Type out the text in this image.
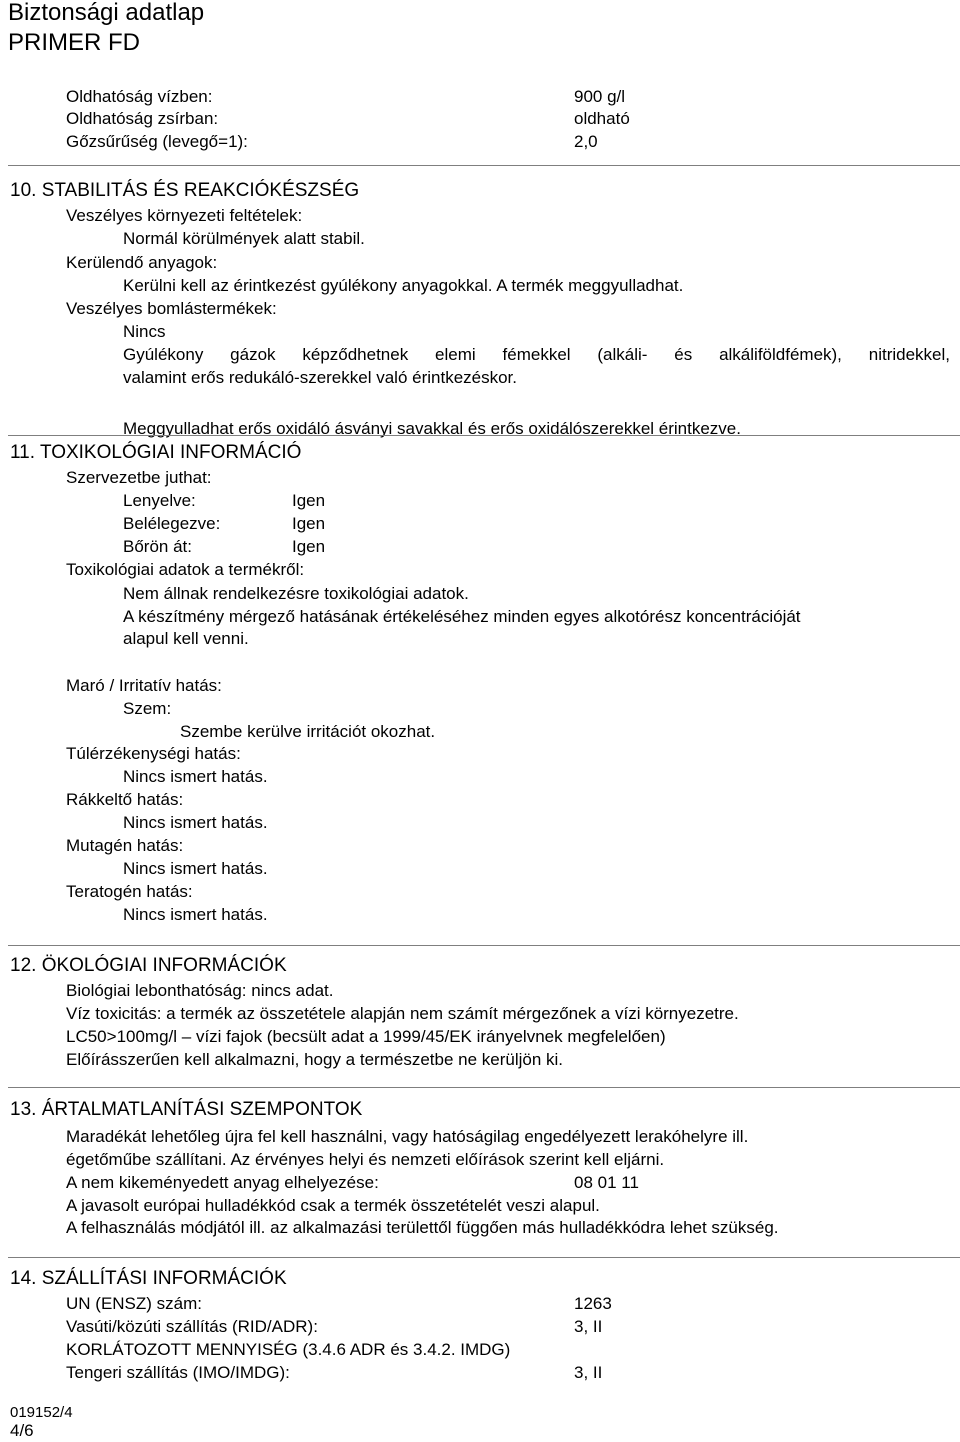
Biztonsági adatlap
PRIMER FD
Oldhatóság vízben:	900 g/l
Oldhatóság zsírban:	oldható
Gőzsűrűség (levegő=1):	2,0
10. STABILITÁS ÉS REAKCIÓKÉSZSÉG
Veszélyes környezeti feltételek:
Normál körülmények alatt stabil.
Kerülendő anyagok:
Kerülni kell az érintkezést gyúlékony anyagokkal. A termék meggyulladhat.
Veszélyes bomlástermékek:
Nincs
Gyúlékony gázok képződhetnek elemi fémekkel (alkáli- és alkáliföldfémek), nitridekkel,
valamint erős redukáló-szerekkel való érintkezéskor.
Meggyulladhat erős oxidáló ásványi savakkal és erős oxidálószerekkel érintkezve.
11. TOXIKOLÓGIAI INFORMÁCIÓ
Szervezetbe juthat:
Lenyelve:	Igen
Belélegezve:	Igen
Bőrön át:	Igen
Toxikológiai adatok a termékről:
Nem állnak rendelkezésre toxikológiai adatok.
A készítmény mérgező hatásának értékeléséhez minden egyes alkotórész koncentrációját
alapul kell venni.
Maró / Irritatív hatás:
Szem:
Szembe kerülve irritációt okozhat.
Túlérzékenységi hatás:
Nincs ismert hatás.
Rákkeltő hatás:
Nincs ismert hatás.
Mutagén hatás:
Nincs ismert hatás.
Teratogén hatás:
Nincs ismert hatás.
12. ÖKOLÓGIAI INFORMÁCIÓK
Biológiai lebonthatóság: nincs adat.
Víz toxicitás: a termék az összetétele alapján nem számít mérgezőnek a vízi környezetre.
LC50>100mg/l – vízi fajok (becsült adat a 1999/45/EK irányelvnek megfelelően)
Előírásszerűen kell alkalmazni, hogy a természetbe ne kerüljön ki.
13. ÁRTALMATLANÍTÁSI SZEMPONTOK
Maradékát lehetőleg újra fel kell használni, vagy hatóságilag engedélyezett lerakóhelyre ill.
égetőműbe szállítani. Az érvényes helyi és nemzeti előírások szerint kell eljárni.
A nem kikeményedett anyag elhelyezése:	08 01 11
A javasolt európai hulladékkód csak a termék összetételét veszi alapul.
A felhasználás módjától ill. az alkalmazási területtől függően más hulladékkódra lehet szükség.
14. SZÁLLÍTÁSI INFORMÁCIÓK
UN (ENSZ) szám:	1263
Vasúti/közúti szállítás (RID/ADR):	3, II
KORLÁTOZOTT MENNYISÉG (3.4.6 ADR és 3.4.2. IMDG)
Tengeri szállítás (IMO/IMDG):	3, II
019152/4
4/6
